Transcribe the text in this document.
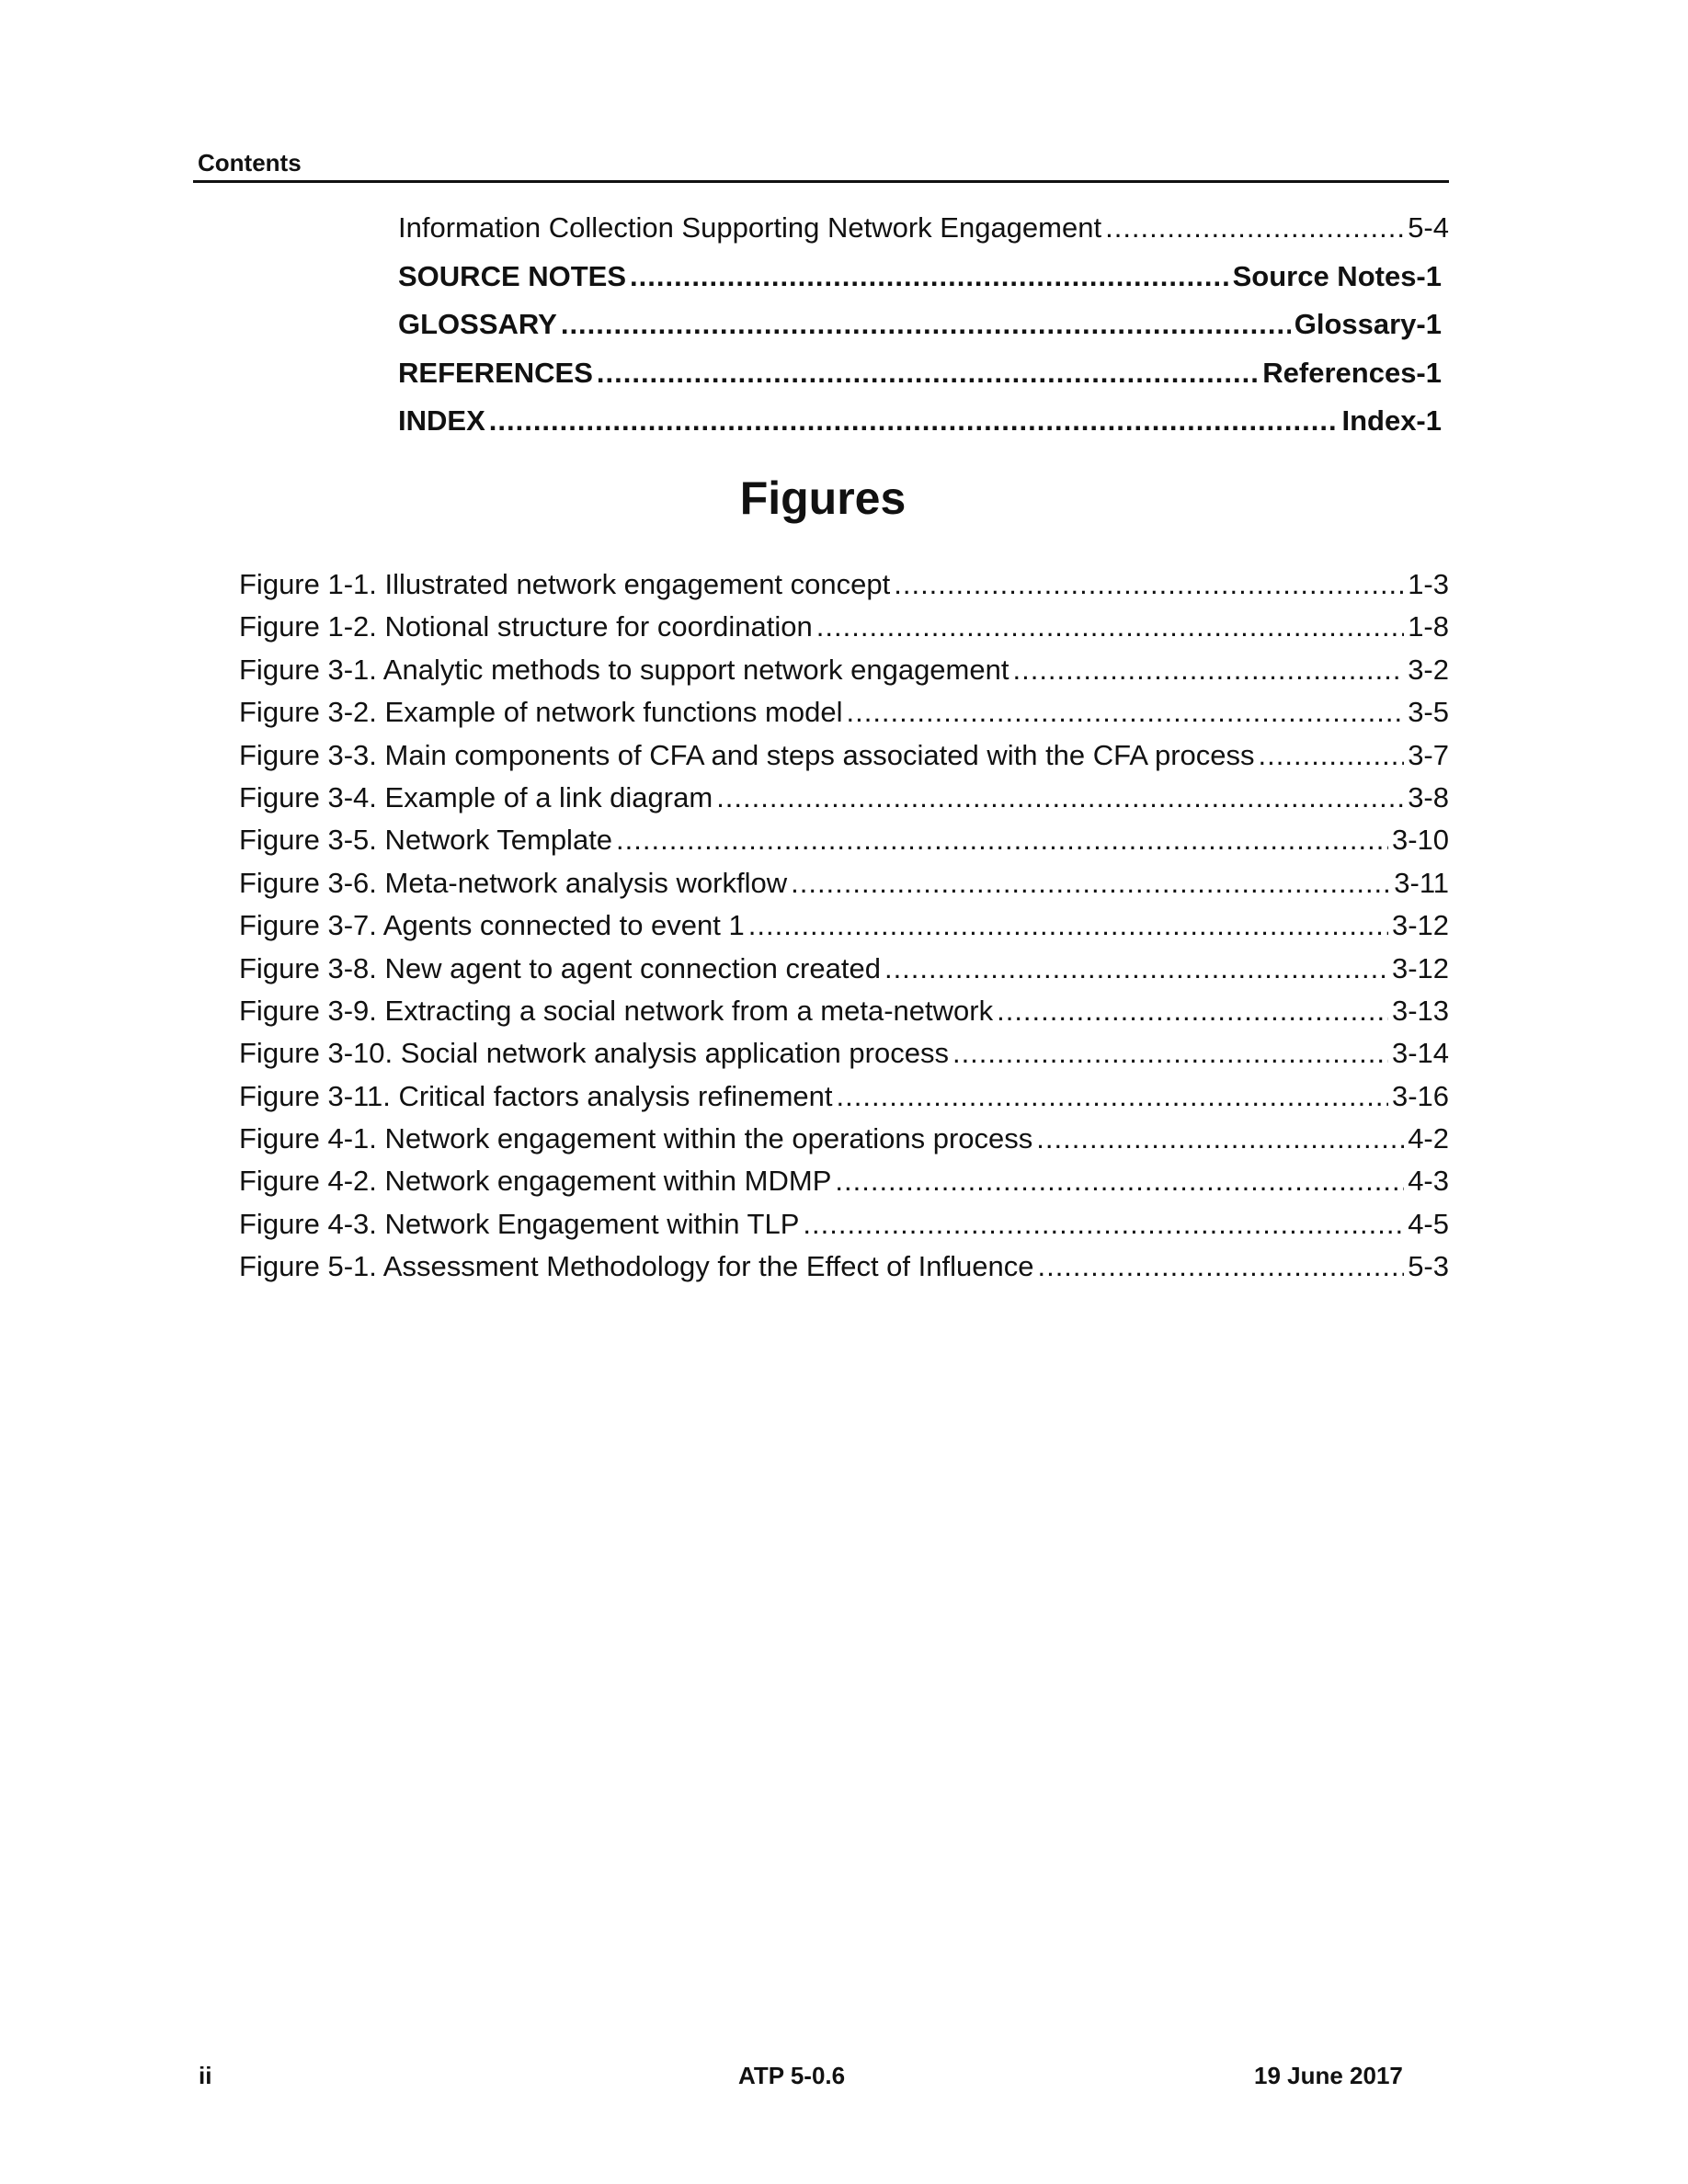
Contents
Information Collection Supporting Network Engagement .....	5-4
SOURCE NOTES .....	Source Notes-1
GLOSSARY .....	Glossary-1
REFERENCES .....	References-1
INDEX .....	Index-1
Figures
Figure 1-1. Illustrated network engagement concept .....	1-3
Figure 1-2. Notional structure for coordination .....	1-8
Figure 3-1. Analytic methods to support network engagement .....	3-2
Figure 3-2. Example of network functions model .....	3-5
Figure 3-3. Main components of CFA and steps associated with the CFA process .....	3-7
Figure 3-4. Example of a link diagram .....	3-8
Figure 3-5. Network Template .....	3-10
Figure 3-6. Meta-network analysis workflow .....	3-11
Figure 3-7. Agents connected to event 1 .....	3-12
Figure 3-8. New agent to agent connection created .....	3-12
Figure 3-9. Extracting a social network from a meta-network .....	3-13
Figure 3-10. Social network analysis application process .....	3-14
Figure 3-11. Critical factors analysis refinement .....	3-16
Figure 4-1. Network engagement within the operations process .....	4-2
Figure 4-2. Network engagement within MDMP .....	4-3
Figure 4-3. Network Engagement within TLP .....	4-5
Figure 5-1. Assessment Methodology for the Effect of Influence .....	5-3
ii	ATP 5-0.6	19 June 2017
